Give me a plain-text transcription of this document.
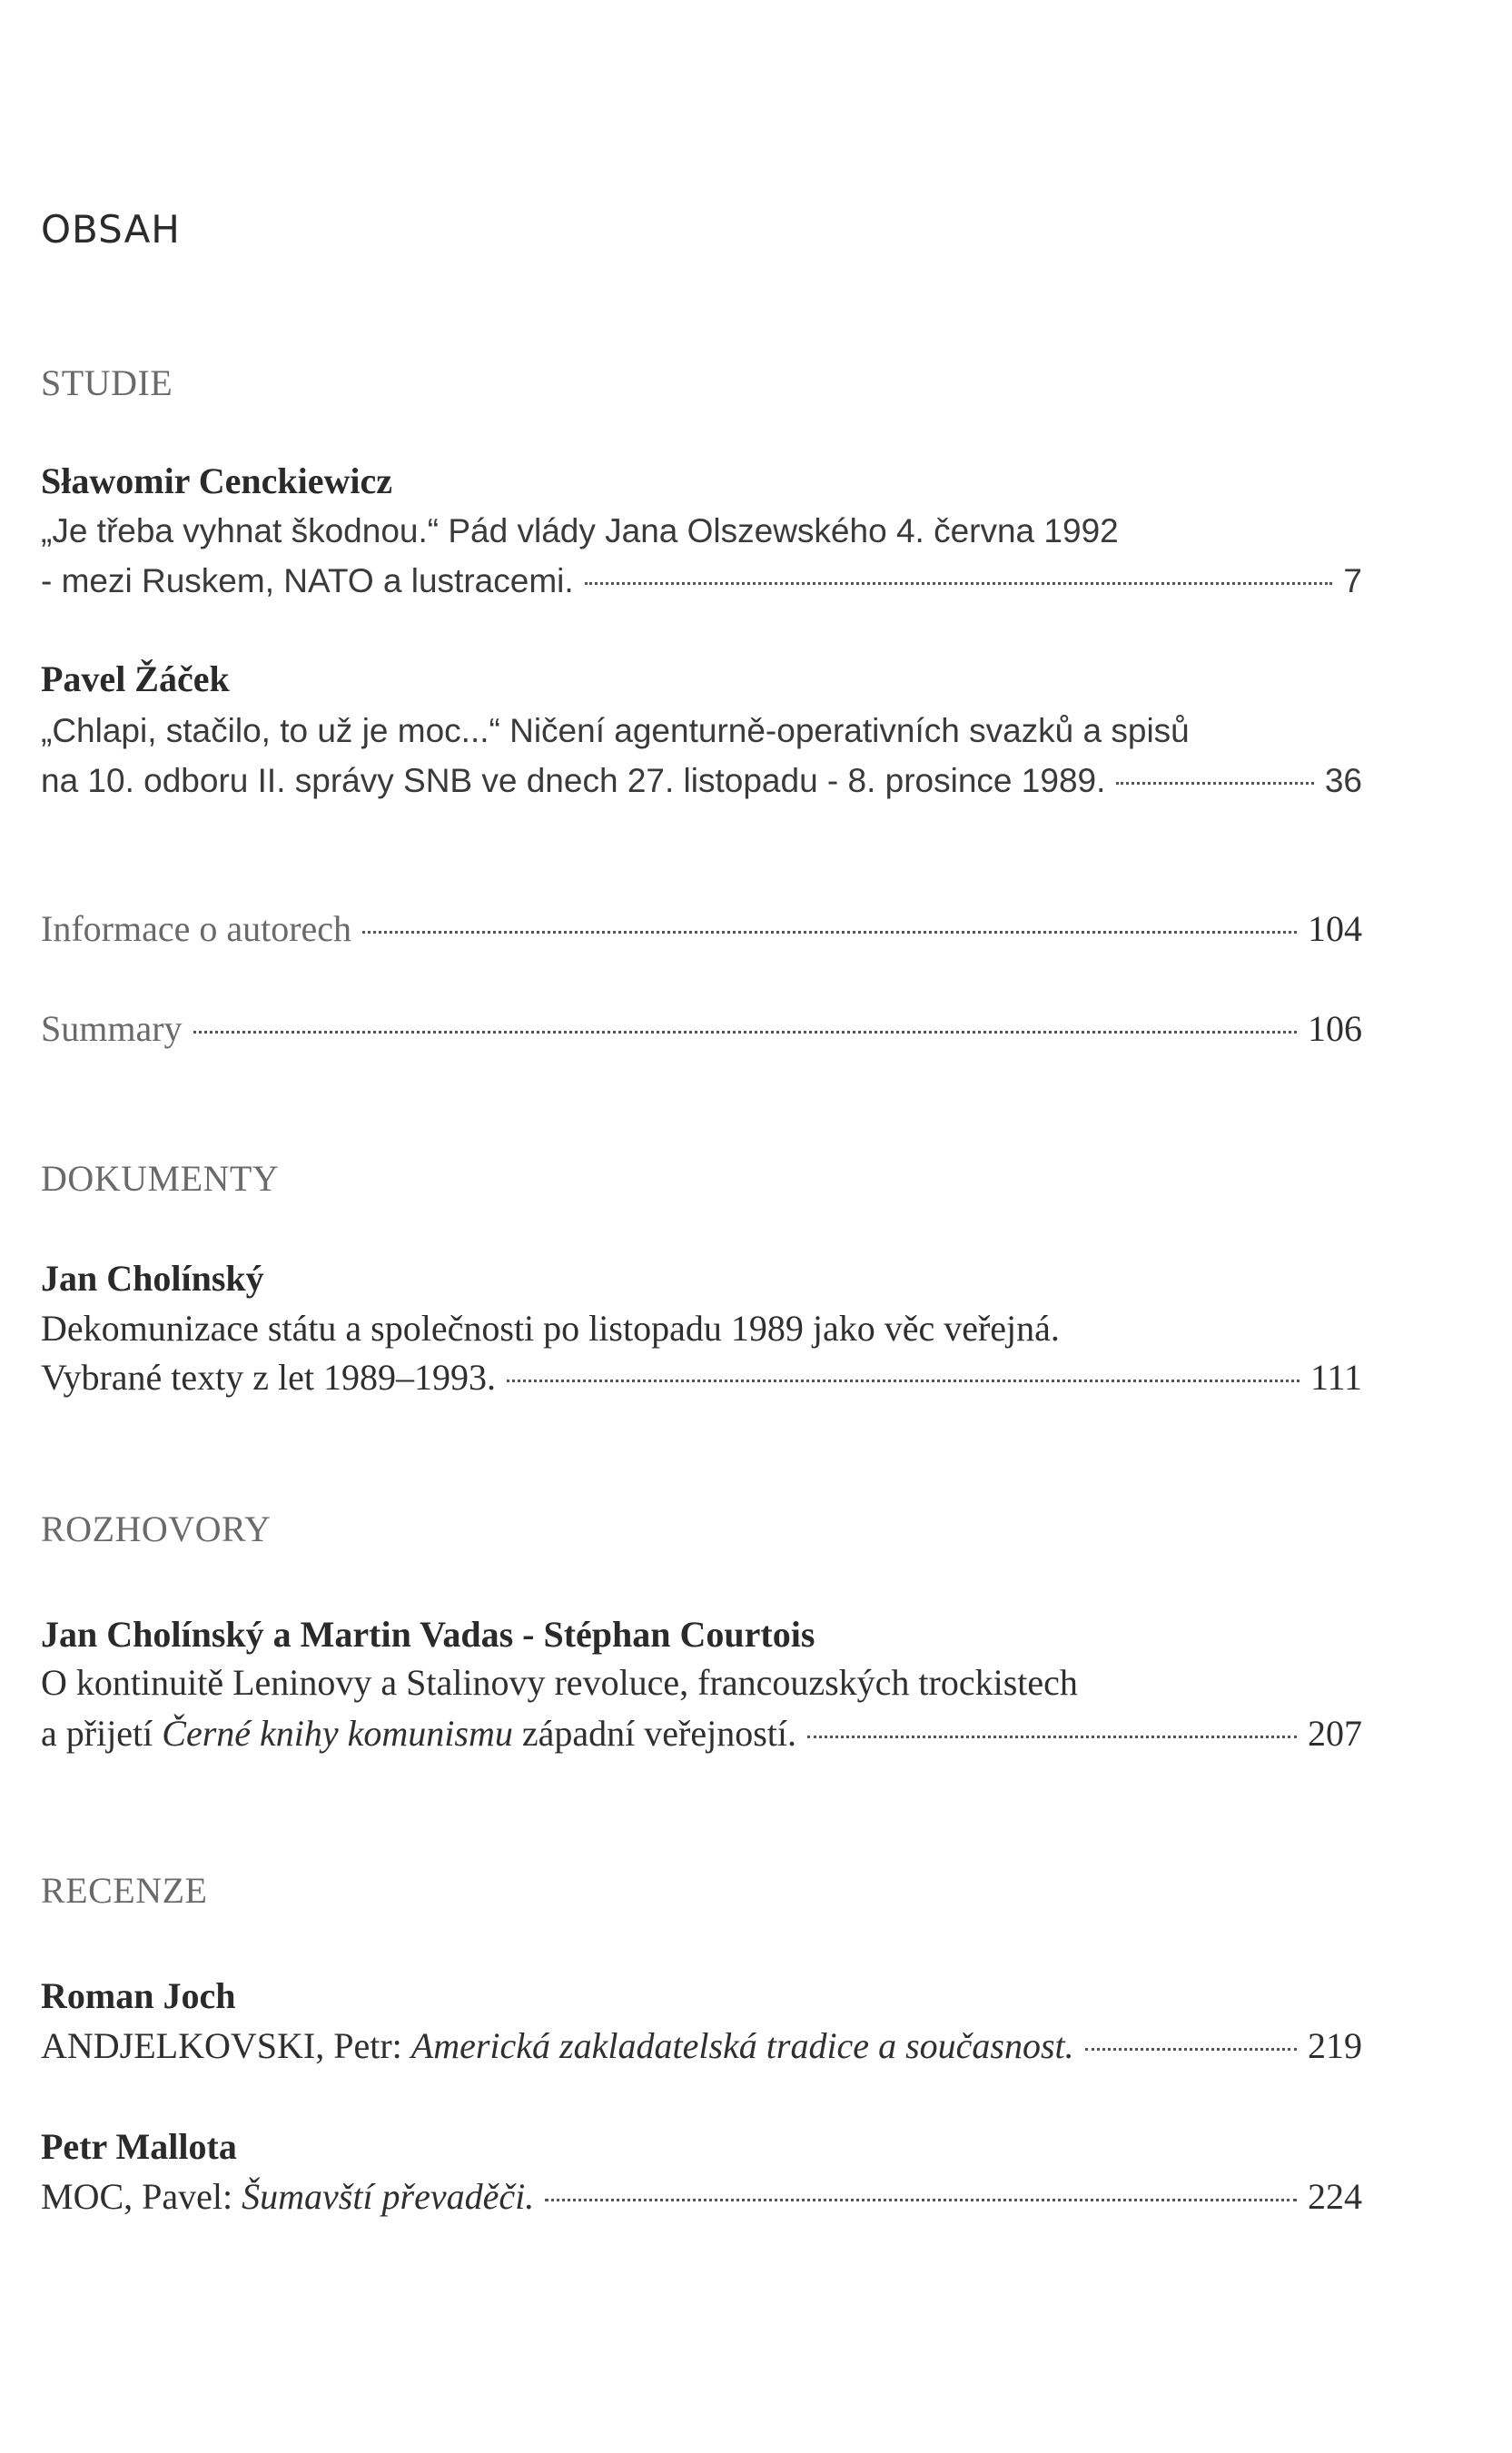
OBSAH
STUDIE
Sławomir Cenckiewicz
„Je třeba vyhnat škodnou.“ Pád vlády Jana Olszewského 4. června 1992
- mezi Ruskem, NATO a lustracemi.	7
Pavel Žáček
„Chlapi, stačilo, to už je moc...“ Ničení agenturně-operativních svazků a spisů
na 10. odboru II. správy SNB ve dnech 27. listopadu - 8. prosince 1989.	36
Informace o autorech	104
Summary	106
DOKUMENTY
Jan Cholínský
Dekomunizace státu a společnosti po listopadu 1989 jako věc veřejná.
Vybrané texty z let 1989–1993.	111
ROZHOVORY
Jan Cholínský a Martin Vadas - Stéphan Courtois
O kontinuitě Leninovy a Stalinovy revoluce, francouzských trockistech
a přijetí Černé knihy komunismu západní veřejností.	207
RECENZE
Roman Joch
ANDJELKOVSKI, Petr: Americká zakladatelská tradice a současnost.	219
Petr Mallota
MOC, Pavel: Šumavští převaděči.	224
